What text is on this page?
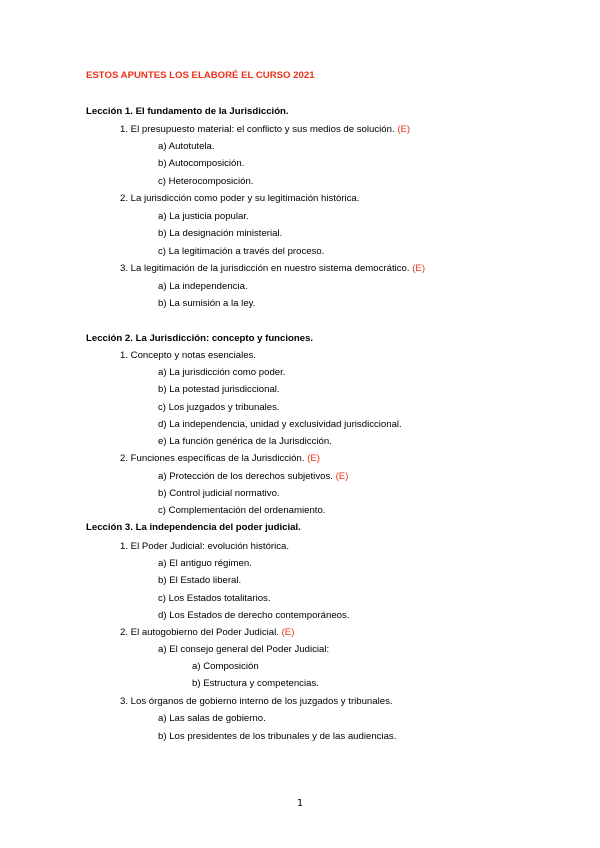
ESTOS APUNTES LOS ELABORÉ EL CURSO 2021
Lección 1. El fundamento de la Jurisdicción.
1. El presupuesto material: el conflicto y sus medios de solución. (E)
a) Autotutela.
b) Autocomposición.
c) Heterocomposición.
2. La jurisdicción como poder y su legitimación histórica.
a) La justicia popular.
b) La designación ministerial.
c) La legitimación a través del proceso.
3. La legitimación de la jurisdicción en nuestro sistema democrático. (E)
a) La independencia.
b) La sumisión a la ley.
Lección 2. La Jurisdicción: concepto y funciones.
1. Concepto y notas esenciales.
a) La jurisdicción como poder.
b) La potestad jurisdiccional.
c) Los juzgados y tribunales.
d) La independencia, unidad y exclusividad jurisdiccional.
e) La función genérica de la Jurisdicción.
2. Funciones específicas de la Jurisdicción. (E)
a) Protección de los derechos subjetivos. (E)
b) Control judicial normativo.
c) Complementación del ordenamiento.
Lección 3. La independencia del poder judicial.
1. El Poder Judicial: evolución histórica.
a) El antiguo régimen.
b) El Estado liberal.
c) Los Estados totalitarios.
d) Los Estados de derecho contemporáneos.
2. El autogobierno del Poder Judicial. (E)
a) El consejo general del Poder Judicial:
a) Composición
b) Estructura y competencias.
3. Los órganos de gobierno interno de los juzgados y tribunales.
a) Las salas de gobierno.
b) Los presidentes de los tribunales y de las audiencias.
1
